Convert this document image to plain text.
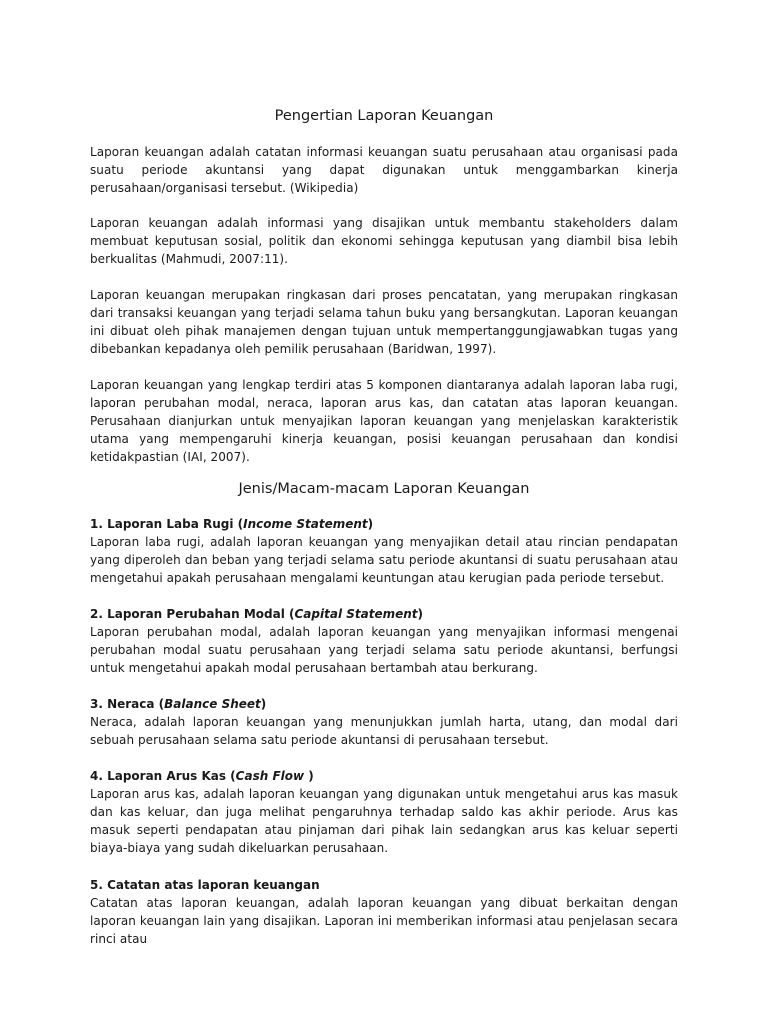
Pengertian Laporan Keuangan

Laporan keuangan adalah catatan informasi keuangan suatu perusahaan atau organisasi pada suatu periode akuntansi yang dapat digunakan untuk menggambarkan kinerja perusahaan/organisasi tersebut. (Wikipedia)

Laporan keuangan adalah informasi yang disajikan untuk membantu stakeholders dalam membuat keputusan sosial, politik dan ekonomi sehingga keputusan yang diambil bisa lebih berkualitas (Mahmudi, 2007:11).

Laporan keuangan merupakan ringkasan dari proses pencatatan, yang merupakan ringkasan dari transaksi keuangan yang terjadi selama tahun buku yang bersangkutan. Laporan keuangan ini dibuat oleh pihak manajemen dengan tujuan untuk mempertanggungjawabkan tugas yang dibebankan kepadanya oleh pemilik perusahaan (Baridwan, 1997).

Laporan keuangan yang lengkap terdiri atas 5 komponen diantaranya adalah laporan laba rugi, laporan perubahan modal, neraca, laporan arus kas, dan catatan atas laporan keuangan. Perusahaan dianjurkan untuk menyajikan laporan keuangan yang menjelaskan karakteristik utama yang mempengaruhi kinerja keuangan, posisi keuangan perusahaan dan kondisi ketidakpastian (IAI, 2007).

Jenis/Macam-macam Laporan Keuangan

1. Laporan Laba Rugi (Income Statement)

Laporan laba rugi, adalah laporan keuangan yang menyajikan detail atau rincian pendapatan yang diperoleh dan beban yang terjadi selama satu periode akuntansi di suatu perusahaan atau mengetahui apakah perusahaan mengalami keuntungan atau kerugian pada periode tersebut.

2. Laporan Perubahan Modal (Capital Statement)

Laporan perubahan modal, adalah laporan keuangan yang menyajikan informasi mengenai perubahan modal suatu perusahaan yang terjadi selama satu periode akuntansi, berfungsi untuk mengetahui apakah modal perusahaan bertambah atau berkurang.

3. Neraca (Balance Sheet)

Neraca, adalah laporan keuangan yang menunjukkan jumlah harta, utang, dan modal dari sebuah perusahaan selama satu periode akuntansi di perusahaan tersebut.

4. Laporan Arus Kas (Cash Flow )

Laporan arus kas, adalah laporan keuangan yang digunakan untuk mengetahui arus kas masuk dan kas keluar, dan juga melihat pengaruhnya terhadap saldo kas akhir periode. Arus kas masuk seperti pendapatan atau pinjaman dari pihak lain sedangkan arus kas keluar seperti biaya-biaya yang sudah dikeluarkan perusahaan.

5. Catatan atas laporan keuangan

Catatan atas laporan keuangan, adalah laporan keuangan yang dibuat berkaitan dengan laporan keuangan lain yang disajikan. Laporan ini memberikan informasi atau penjelasan secara rinci atau
